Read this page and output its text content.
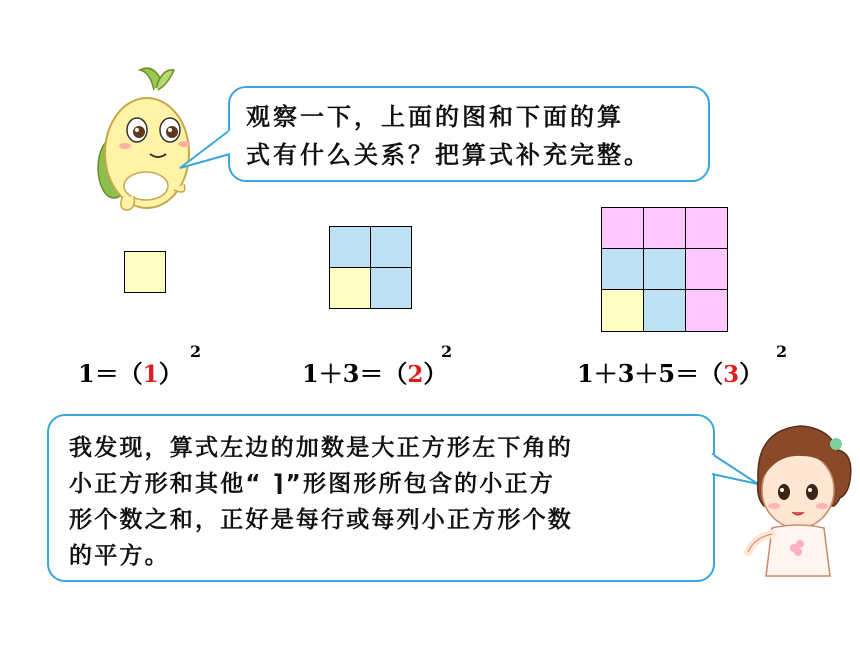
观察一下，上面的图和下面的算
式有什么关系？把算式补充完整。
1＝（1）
2
1＋3＝（2）
2
1＋3＋5＝（3）
2
我发现，算式左边的加数是大正方形左下角的
小正方形和其他“ ⌉”形图形所包含的小正方
形个数之和，正好是每行或每列小正方形个数
的平方。
